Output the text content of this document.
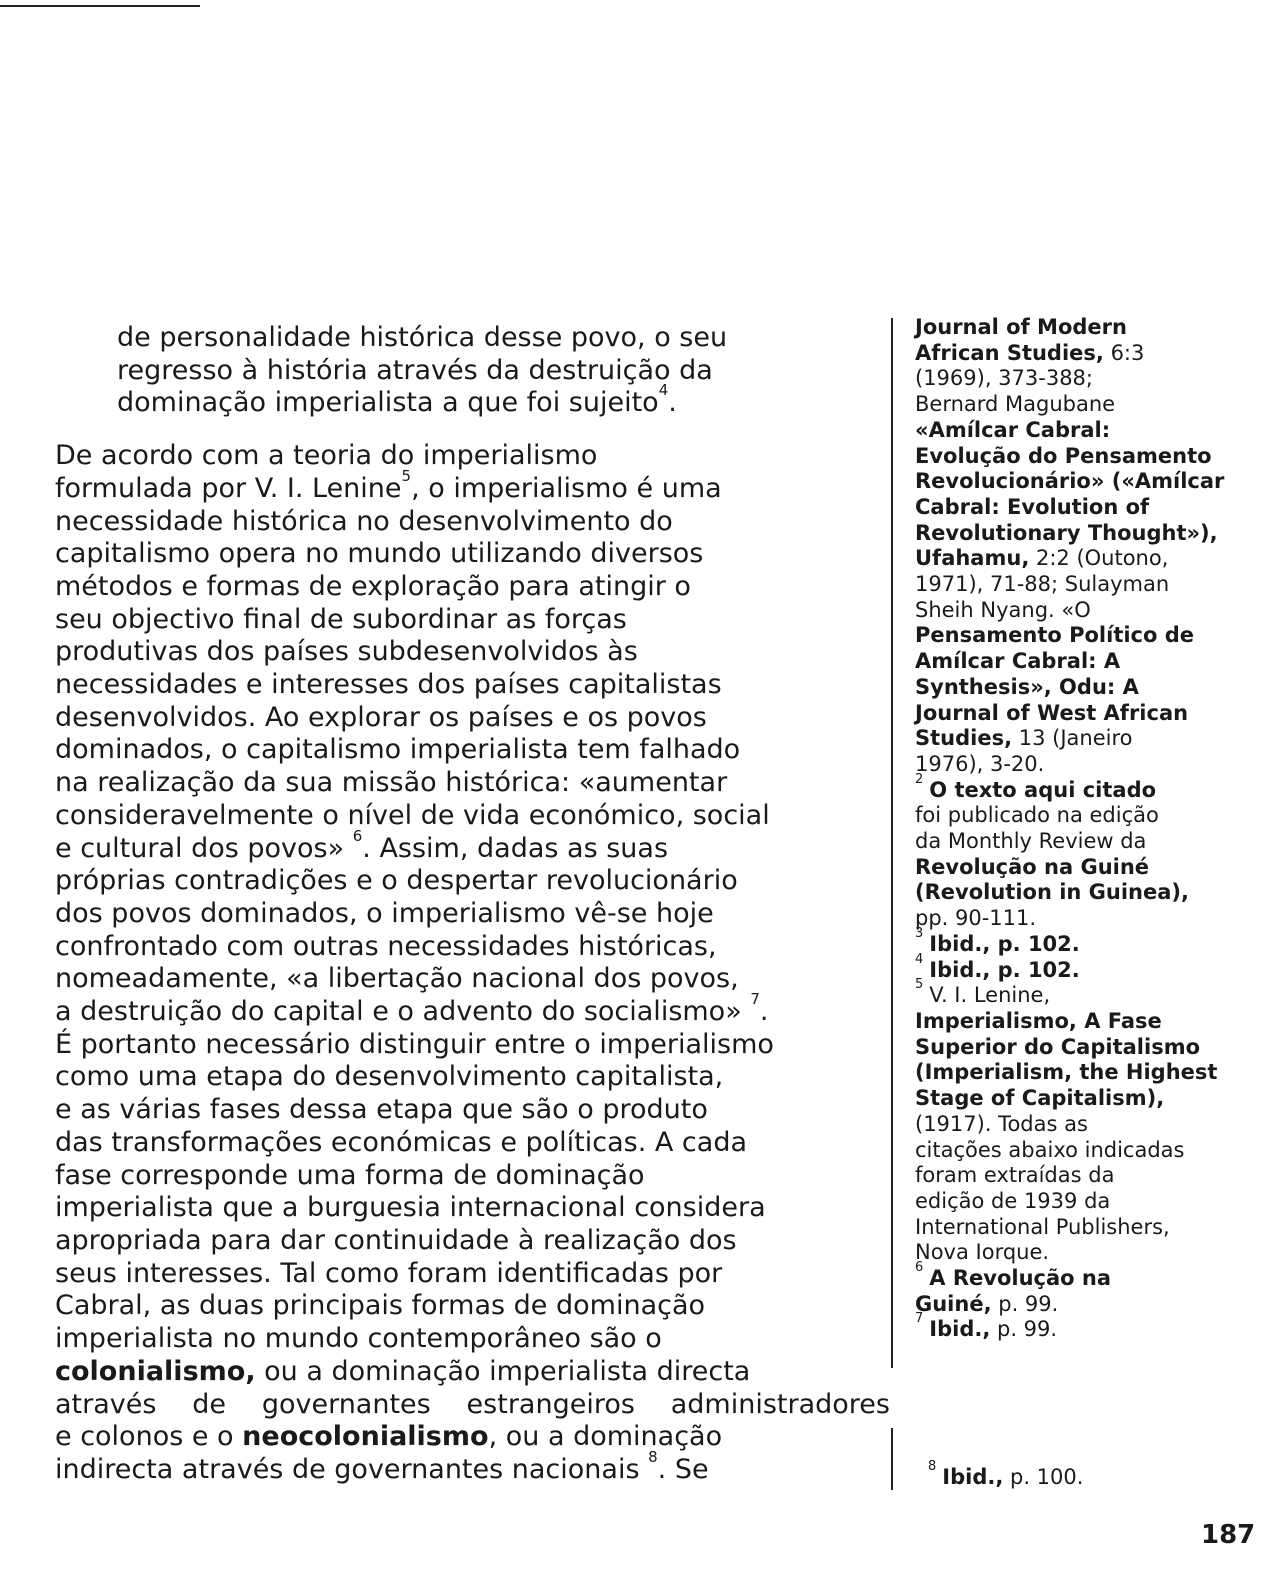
de personalidade histórica desse povo, o seu
regresso à história através da destruição da
dominação imperialista a que foi sujeito$^4$.
De acordo com a teoria do imperialismo
formulada por V. I. Lenine$^5$, o imperialismo é uma
necessidade histórica no desenvolvimento do
capitalismo opera no mundo utilizando diversos
métodos e formas de exploração para atingir o
seu objectivo final de subordinar as forças
produtivas dos países subdesenvolvidos às
necessidades e interesses dos países capitalistas
desenvolvidos. Ao explorar os países e os povos
dominados, o capitalismo imperialista tem falhado
na realização da sua missão histórica: «aumentar
consideravelmente o nível de vida económico, social
e cultural dos povos» $^6$. Assim, dadas as suas
próprias contradições e o despertar revolucionário
dos povos dominados, o imperialismo vê-se hoje
confrontado com outras necessidades históricas,
nomeadamente, «a libertação nacional dos povos,
a destruição do capital e o advento do socialismo» $^7$.
É portanto necessário distinguir entre o imperialismo
como uma etapa do desenvolvimento capitalista,
e as várias fases dessa etapa que são o produto
das transformações económicas e políticas. A cada
fase corresponde uma forma de dominação
imperialista que a burguesia internacional considera
apropriada para dar continuidade à realização dos
seus interesses. Tal como foram identificadas por
Cabral, as duas principais formas de dominação
imperialista no mundo contemporâneo são o
colonialismo, ou a dominação imperialista directa
através de governantes estrangeiros administradores
e colonos e o neocolonialismo, ou a dominação
indirecta através de governantes nacionais $^8$. Se
Journal of Modern
African Studies, 6:3
(1969), 373-388;
Bernard Magubane
«Amílcar Cabral:
Evolução do Pensamento
Revolucionário» («Amílcar
Cabral: Evolution of
Revolutionary Thought»),
Ufahamu, 2:2 (Outono,
1971), 71-88; Sulayman
Sheih Nyang. «O
Pensamento Político de
Amílcar Cabral: A
Synthesis», Odu: A
Journal of West African
Studies, 13 (Janeiro
1976), 3-20.
$^2$ O texto aqui citado
foi publicado na edição
da Monthly Review da
Revolução na Guiné
(Revolution in Guinea),
pp. 90-111.
$^3$ Ibid., p. 102.
$^4$ Ibid., p. 102.
$^5$ V. I. Lenine,
Imperialismo, A Fase
Superior do Capitalismo
(Imperialism, the Highest
Stage of Capitalism),
(1917). Todas as
citações abaixo indicadas
foram extraídas da
edição de 1939 da
International Publishers,
Nova Iorque.
$^6$ A Revolução na
Guiné, p. 99.
$^7$ Ibid., p. 99.
$^8$ Ibid., p. 100.
187
